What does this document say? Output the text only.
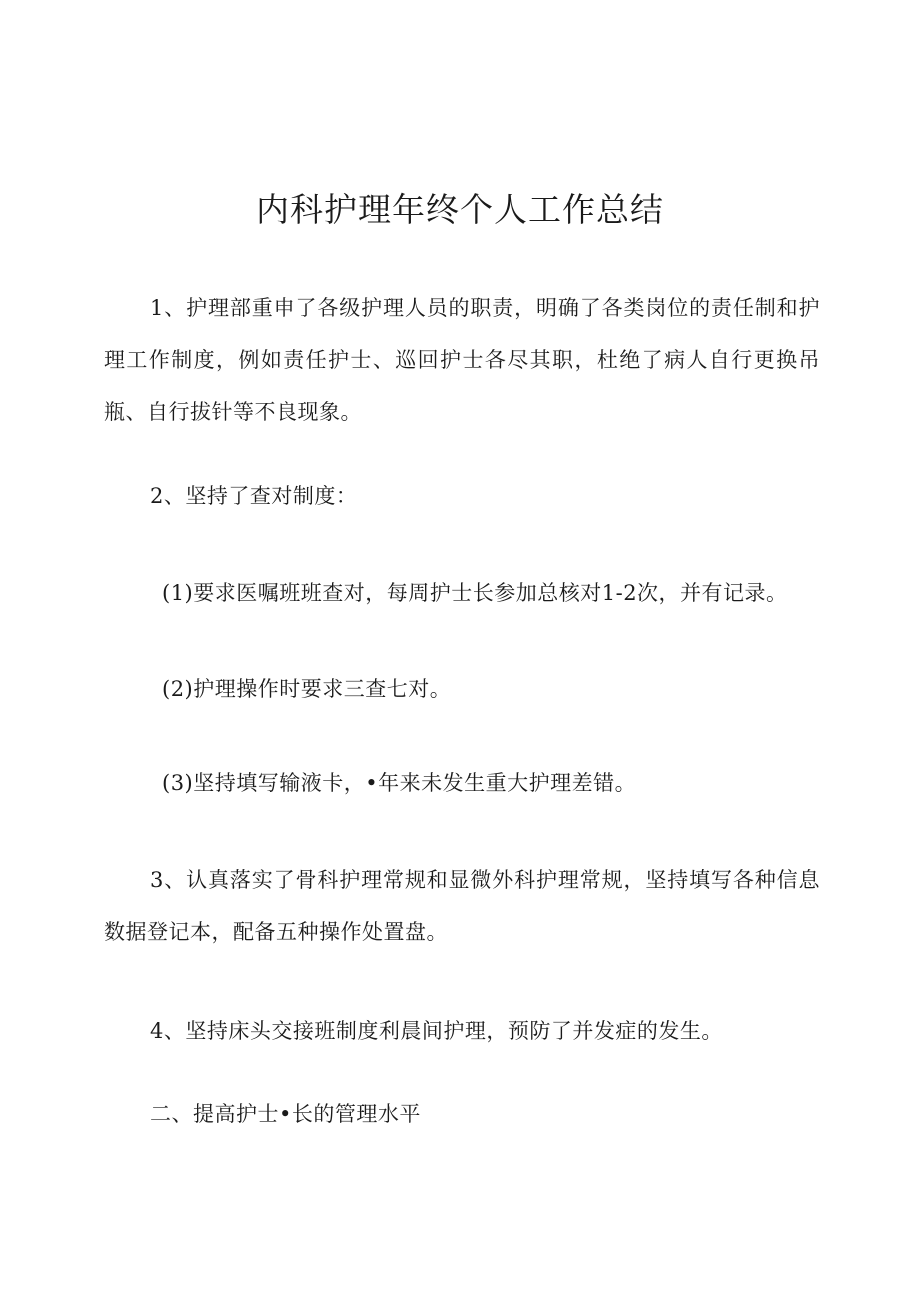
内科护理年终个人工作总结

1、护理部重申了各级护理人员的职责，明确了各类岗位的责任制和护理工作制度，例如责任护士、巡回护士各尽其职，杜绝了病人自行更换吊瓶、自行拔针等不良现象。

2、坚持了查对制度：

(1)要求医嘱班班查对，每周护士长参加总核对1-2次，并有记录。

(2)护理操作时要求三查七对。

(3)坚持填写输液卡，•年来未发生重大护理差错。

3、认真落实了骨科护理常规和显微外科护理常规，坚持填写各种信息数据登记本，配备五种操作处置盘。

4、坚持床头交接班制度利晨间护理，预防了并发症的发生。

二、提高护士•长的管理水平
